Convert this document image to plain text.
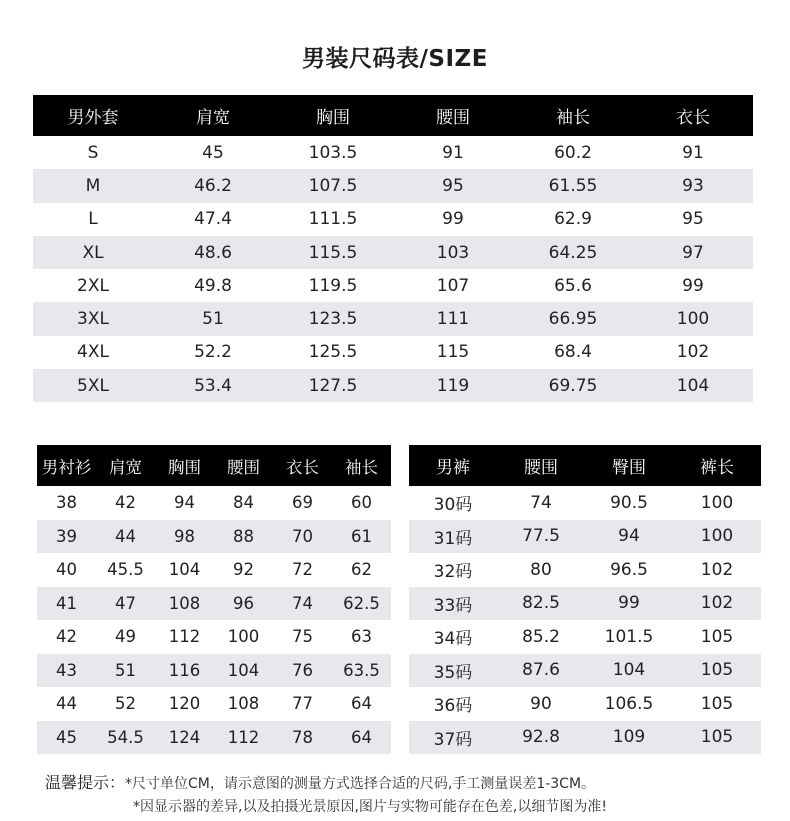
男装尺码表/SIZE
男外套	肩宽	胸围	腰围	袖长	衣长
S	45	103.5	91	60.2	91
M	46.2	107.5	95	61.55	93
L	47.4	111.5	99	62.9	95
XL	48.6	115.5	103	64.25	97
2XL	49.8	119.5	107	65.6	99
3XL	51	123.5	111	66.95	100
4XL	52.2	125.5	115	68.4	102
5XL	53.4	127.5	119	69.75	104
男衬衫	肩宽	胸围	腰围	衣长	袖长
38	42	94	84	69	60
39	44	98	88	70	61
40	45.5	104	92	72	62
41	47	108	96	74	62.5
42	49	112	100	75	63
43	51	116	104	76	63.5
44	52	120	108	77	64
45	54.5	124	112	78	64
男裤	腰围	臀围	裤长
30码	74	90.5	100
31码	77.5	94	100
32码	80	96.5	102
33码	82.5	99	102
34码	85.2	101.5	105
35码	87.6	104	105
36码	90	106.5	105
37码	92.8	109	105
温馨提示：*尺寸单位CM，请示意图的测量方式选择合适的尺码,手工测量误差1-3CM。
*因显示器的差异,以及拍摄光景原因,图片与实物可能存在色差,以细节图为准!
